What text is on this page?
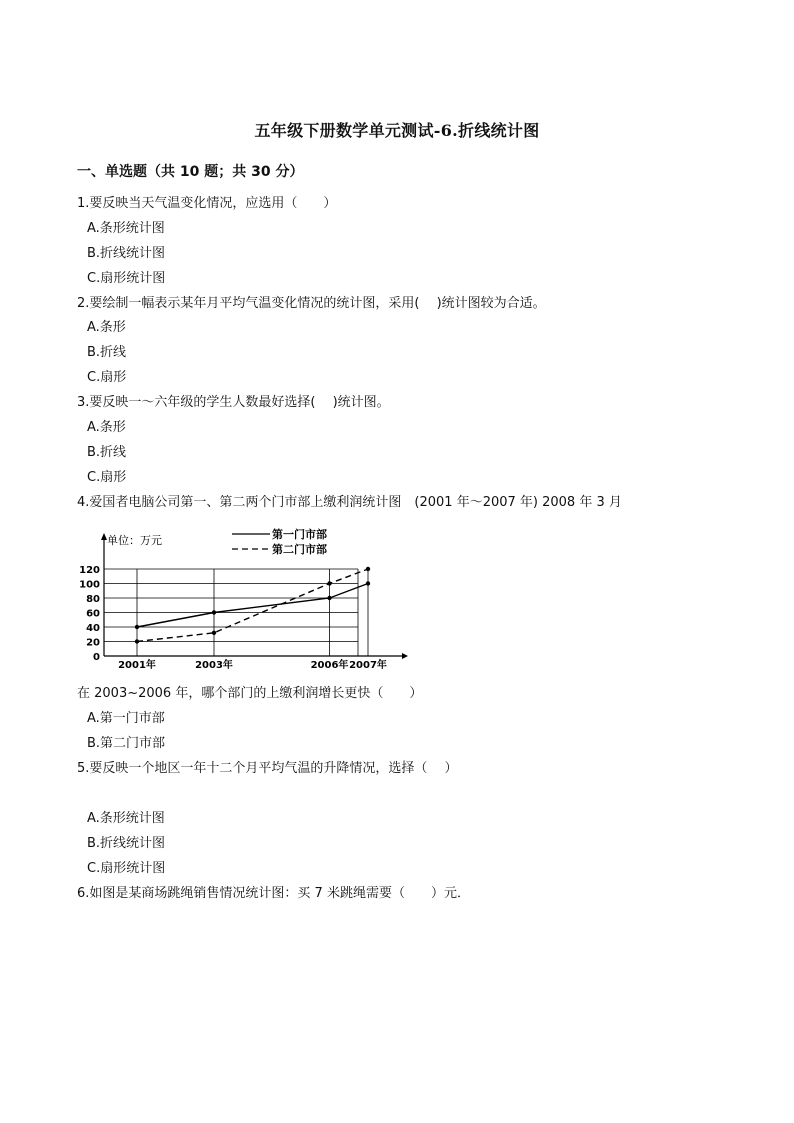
五年级下册数学单元测试-6.折线统计图
一、单选题（共 10 题；共 30 分）
1.要反映当天气温变化情况，应选用（　　）
A.条形统计图
B.折线统计图
C.扇形统计图
2.要绘制一幅表示某年月平均气温变化情况的统计图，采用(　 )统计图较为合适。
A.条形
B.折线
C.扇形
3.要反映一～六年级的学生人数最好选择(　 )统计图。
A.条形
B.折线
C.扇形
4.爱国者电脑公司第一、第二两个门市部上缴利润统计图　(2001 年～2007 年) 2008 年 3 月
0
20
40
60
80
100
120
2001年	2003年	2006年 2007年
单位：万元	第一门市部
第二门市部
在 2003~2006 年，哪个部门的上缴利润增长更快（　　）
A.第一门市部
B.第二门市部
5.要反映一个地区一年十二个月平均气温的升降情况，选择（　 ）
A.条形统计图
B.折线统计图
C.扇形统计图
6.如图是某商场跳绳销售情况统计图：买 7 米跳绳需要（　　）元．
